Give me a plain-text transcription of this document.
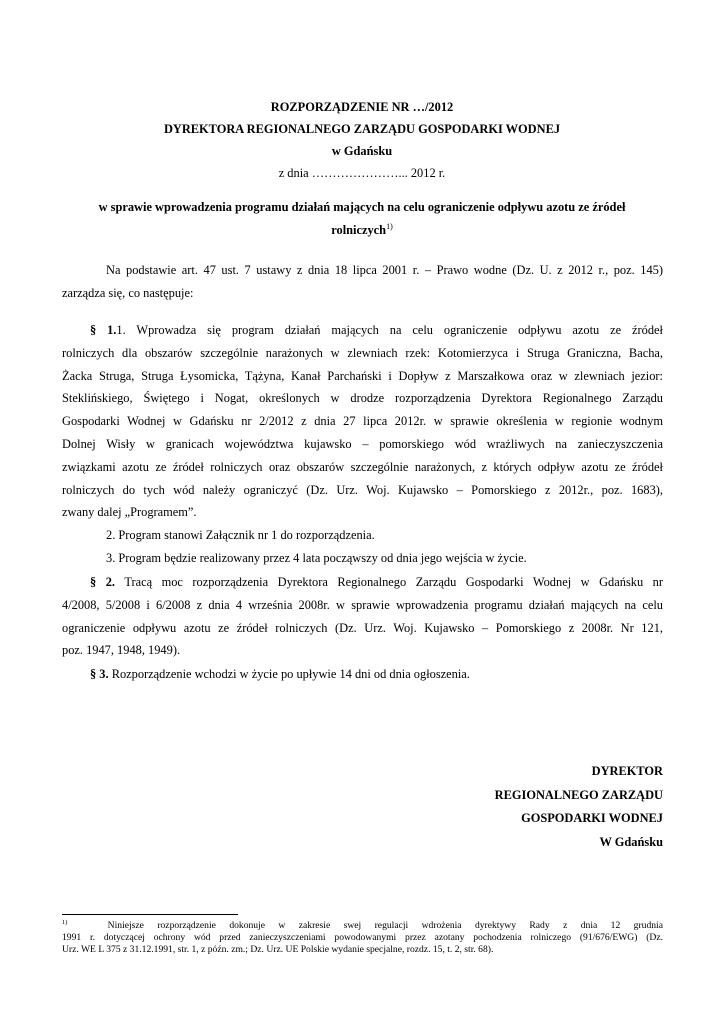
ROZPORZĄDZENIE NR …/2012
DYREKTORA REGIONALNEGO ZARZĄDU GOSPODARKI WODNEJ
w Gdańsku
z dnia …………………... 2012 r.
w sprawie wprowadzenia programu działań mających na celu ograniczenie odpływu azotu ze źródeł
rolniczych$^{1)}$
Na podstawie art. 47 ust. 7 ustawy z dnia 18 lipca 2001 r. – Prawo wodne (Dz. U. z 2012 r., poz. 145)
zarządza się, co następuje:
§ 1.1. Wprowadza się program działań mających na celu ograniczenie odpływu azotu ze źródeł
rolniczych dla obszarów szczególnie narażonych w zlewniach rzek: Kotomierzyca i Struga Graniczna, Bacha,
Żacka Struga, Struga Łysomicka, Tążyna, Kanał Parchański i Dopływ z Marszałkowa oraz w zlewniach jezior:
Steklińskiego, Świętego i Nogat, określonych w drodze rozporządzenia Dyrektora Regionalnego Zarządu
Gospodarki Wodnej w Gdańsku nr 2/2012 z dnia 27 lipca 2012r. w sprawie określenia w regionie wodnym
Dolnej Wisły w granicach województwa kujawsko – pomorskiego wód wrażliwych na zanieczyszczenia
związkami azotu ze źródeł rolniczych oraz obszarów szczególnie narażonych, z których odpływ azotu ze źródeł
rolniczych do tych wód należy ograniczyć (Dz. Urz. Woj. Kujawsko – Pomorskiego z 2012r., poz. 1683),
zwany dalej „Programem”.
2. Program stanowi Załącznik nr 1 do rozporządzenia.
3. Program będzie realizowany przez 4 lata począwszy od dnia jego wejścia w życie.
§ 2. Tracą moc rozporządzenia Dyrektora Regionalnego Zarządu Gospodarki Wodnej w Gdańsku nr
4/2008, 5/2008 i 6/2008 z dnia 4 września 2008r. w sprawie wprowadzenia programu działań mających na celu
ograniczenie odpływu azotu ze źródeł rolniczych (Dz. Urz. Woj. Kujawsko – Pomorskiego z 2008r. Nr 121,
poz. 1947, 1948, 1949).
§ 3. Rozporządzenie wchodzi w życie po upływie 14 dni od dnia ogłoszenia.
DYREKTOR
REGIONALNEGO ZARZĄDU
GOSPODARKI WODNEJ
W Gdańsku
$^{1)}$	Niniejsze rozporządzenie dokonuje w zakresie swej regulacji wdrożenia dyrektywy Rady z dnia 12 grudnia
1991 r. dotyczącej ochrony wód przed zanieczyszczeniami powodowanymi przez azotany pochodzenia rolniczego (91/676/EWG) (Dz.
Urz. WE L 375 z 31.12.1991, str. 1, z późn. zm.; Dz. Urz. UE Polskie wydanie specjalne, rozdz. 15, t. 2, str. 68).
